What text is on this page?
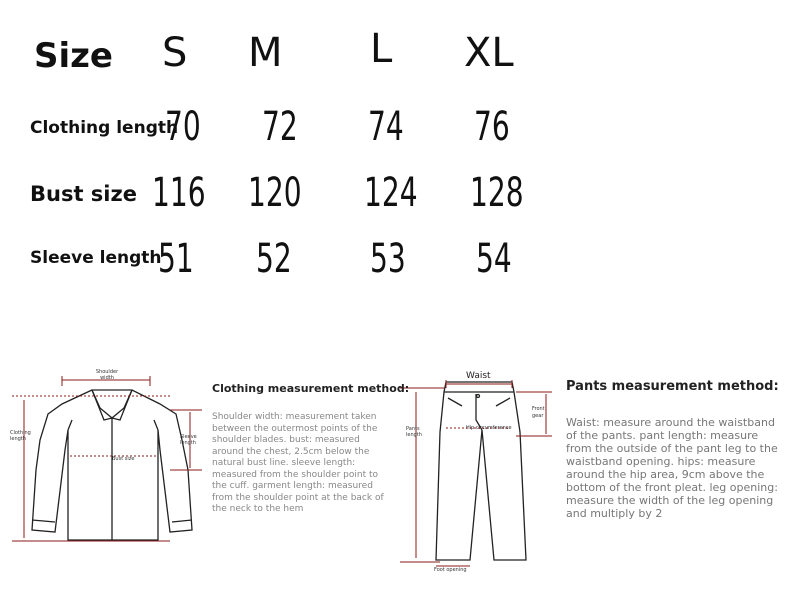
Size S M L XL
Clothing length
70 72 74 76
Bust size 116 120 124 128
Sleeve length
51 52 53 54
Shoulder width
Clothing length	Sleeve length
Bust size
Clothing measurement method:
Shoulder width: measurement taken between the outermost points of the shoulder blades. bust: measured around the chest, 2.5cm below the natural bust line. sleeve length: measured from the shoulder point to the cuff. garment length: measured from the shoulder point at the back of the neck to the hem
Waist
Pants length
Front gear
Hip circumference
Foot opening
Pants measurement method:
Waist: measure around the waistband of the pants. pant length: measure from the outside of the pant leg to the waistband opening. hips: measure around the hip area, 9cm above the bottom of the front pleat. leg opening: measure the width of the leg opening and multiply by 2
